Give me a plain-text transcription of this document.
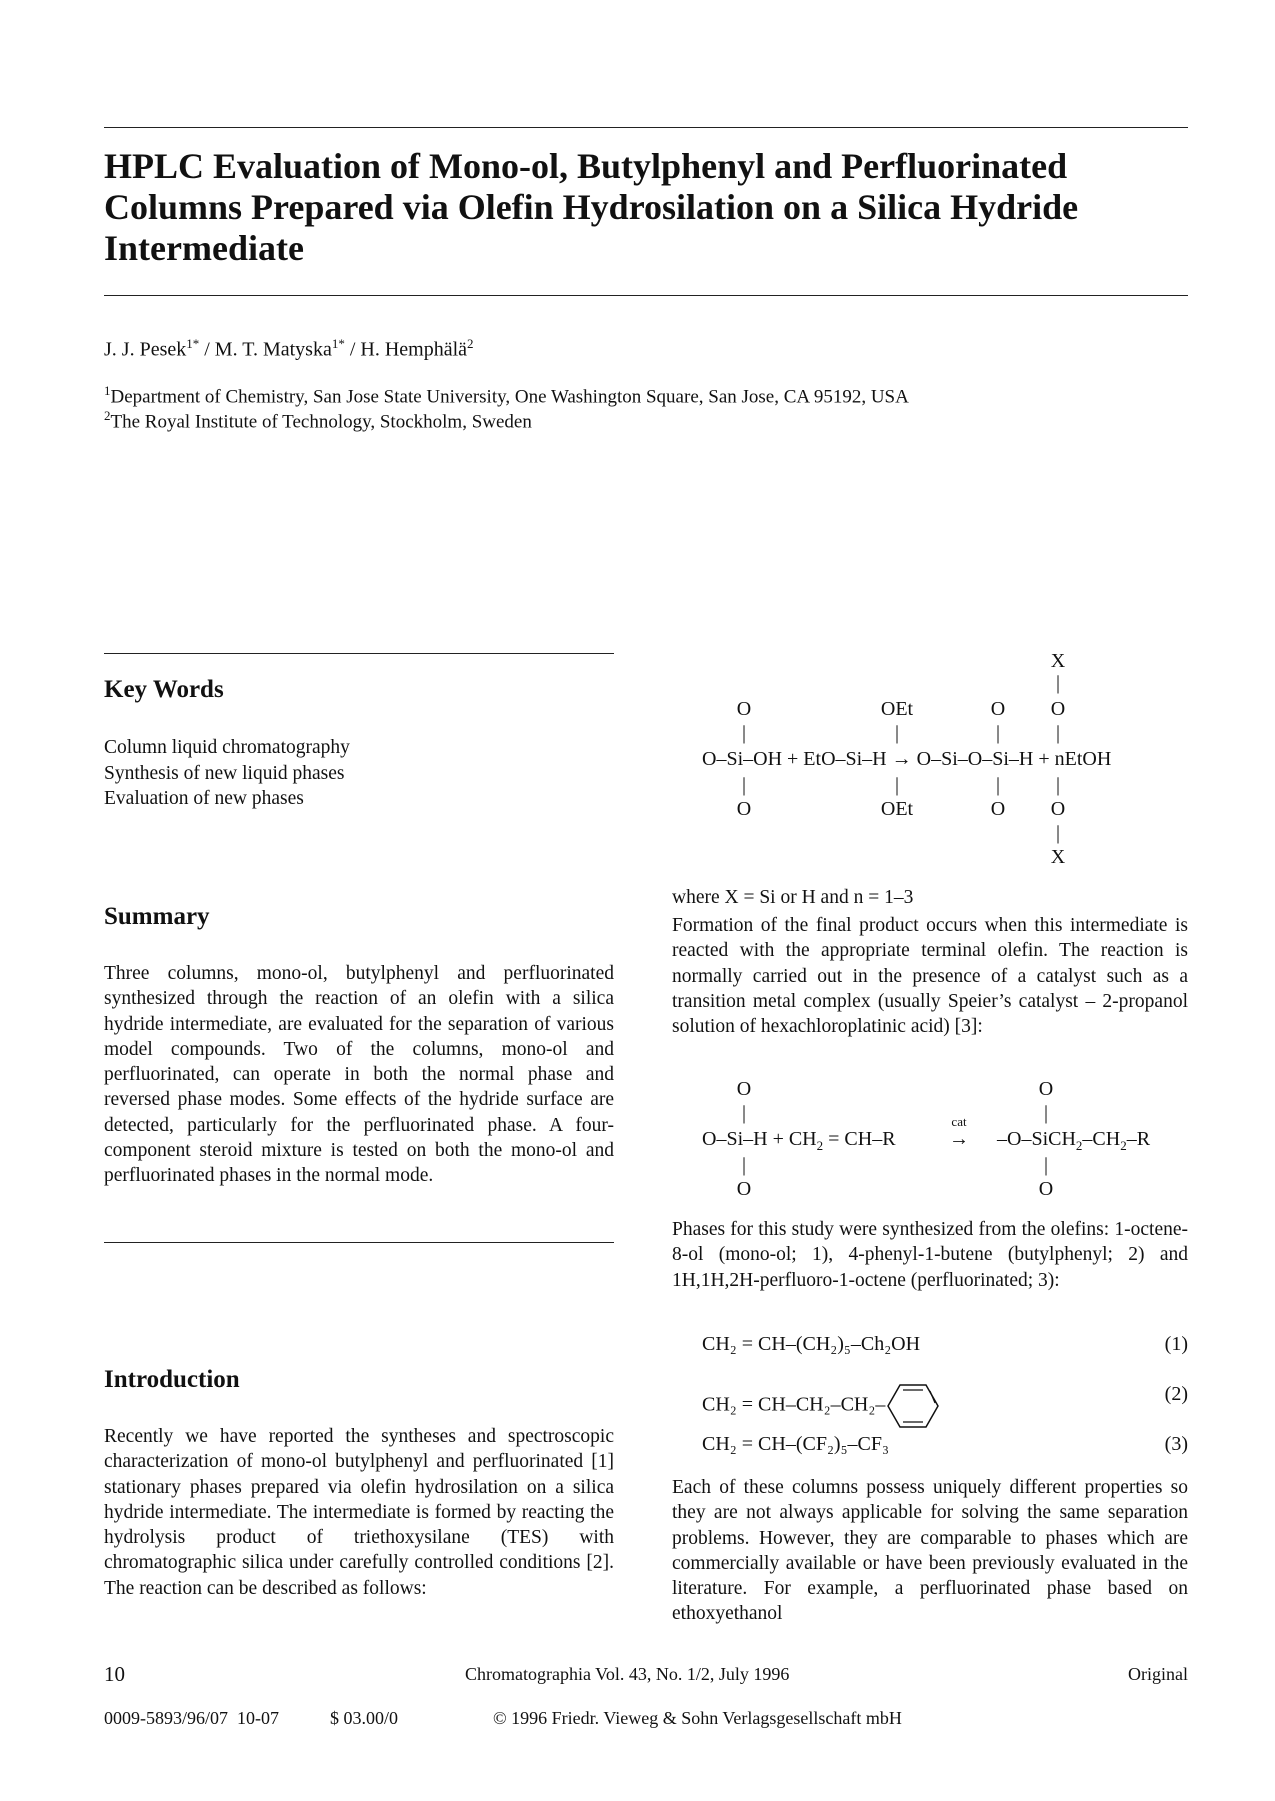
HPLC Evaluation of Mono-ol, Butylphenyl and Perfluorinated Columns Prepared via Olefin Hydrosilation on a Silica Hydride Intermediate
J. J. Pesek$^{1*}$ / M. T. Matyska$^{1*}$ / H. Hemphälä$^2$
$^1$Department of Chemistry, San Jose State University, One Washington Square, San Jose, CA 95192, USA
$^2$The Royal Institute of Technology, Stockholm, Sweden
Key Words
Column liquid chromatography
Synthesis of new liquid phases
Evaluation of new phases
Summary
Three columns, mono-ol, butylphenyl and perfluorinated synthesized through the reaction of an olefin with a silica hydride intermediate, are evaluated for the separation of various model compounds. Two of the columns, mono-ol and perfluorinated, can operate in both the normal phase and reversed phase modes. Some effects of the hydride surface are detected, particularly for the perfluorinated phase. A four-component steroid mixture is tested on both the mono-ol and perfluorinated phases in the normal mode.
Introduction
Recently we have reported the syntheses and spectroscopic characterization of mono-ol butylphenyl and perfluorinated [1] stationary phases prepared via olefin hydrosilation on a silica hydride intermediate. The intermediate is formed by reacting the hydrolysis product of triethoxysilane (TES) with chromatographic silica under carefully controlled conditions [2]. The reaction can be described as follows:
X
|
O	OEt	O O
|	|	|	|
O–Si–OH + EtO–Si–H → O–Si–O–Si–H + nEtOH
|	|	|	|
O	OEt	O O
|
X
where X = Si or H and n = 1–3
Formation of the final product occurs when this intermediate is reacted with the appropriate terminal olefin. The reaction is normally carried out in the presence of a catalyst such as a transition metal complex (usually Speier’s catalyst – 2-propanol solution of hexachloroplatinic acid) [3]:
O	O
|	|
cat
$O-Si-H + CH_2 = CH-R$	→ $-O-SiCH_2-CH_2-R$
|	|
O	O
Phases for this study were synthesized from the olefins: 1-octene-8-ol (mono-ol; 1), 4-phenyl-1-butene (butylphenyl; 2) and 1H,1H,2H-perfluoro-1-octene (perfluorinated; 3):
CH₂ = CH–(CH₂)₅–Ch₂OH	(1)
CH₂ = CH–CH₂–CH₂–	(2)
CH₂ = CH–(CF₂)₅–CF₃	(3)
Each of these columns possess uniquely different properties so they are not always applicable for solving the same separation problems. However, they are comparable to phases which are commercially available or have been previously evaluated in the literature. For example, a perfluorinated phase based on ethoxyethanol
10	Chromatographia Vol. 43, No. 1/2, July 1996	Original
0009-5893/96/07  10-07	$ 03.00/0	© 1996 Friedr. Vieweg & Sohn Verlagsgesellschaft mbH
